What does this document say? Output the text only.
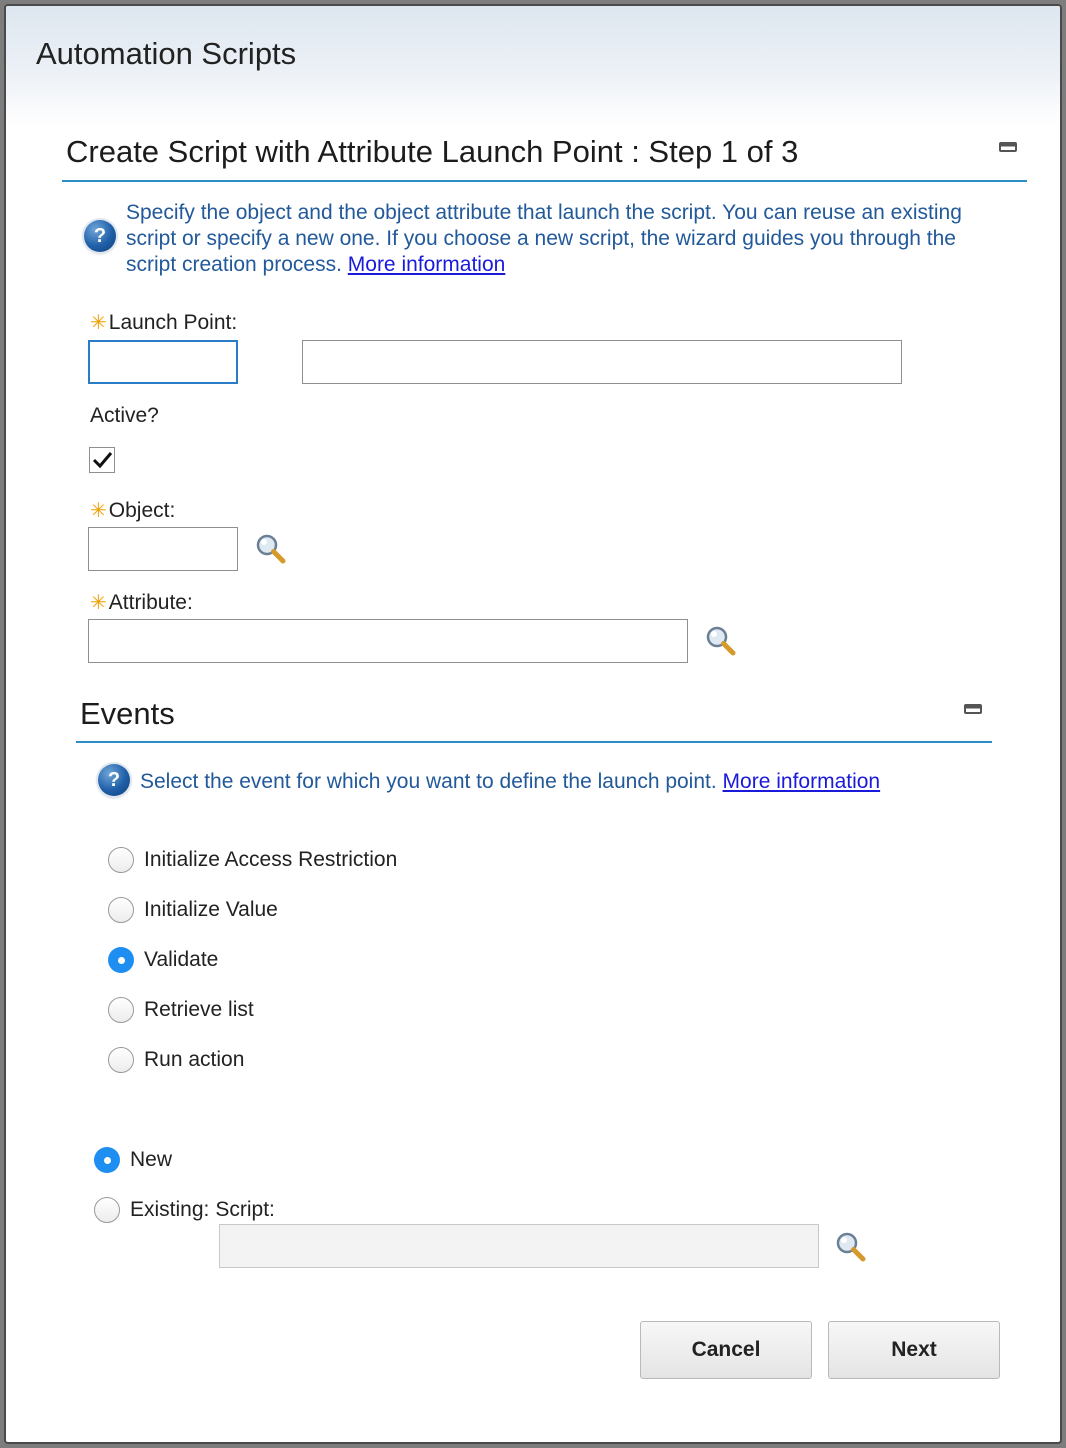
Automation Scripts
Create Script with Attribute Launch Point : Step 1 of 3
?
Specify the object and the object attribute that launch the script. You can reuse an existing script or specify a new one. If you choose a new script, the wizard guides you through the script creation process. More information
✳Launch Point:
Active?
✳Object:
✳Attribute:
Events
? Select the event for which you want to define the launch point. More information
Initialize Access Restriction
Initialize Value
Validate
Retrieve list
Run action
New
Existing: Script:
Cancel	Next
